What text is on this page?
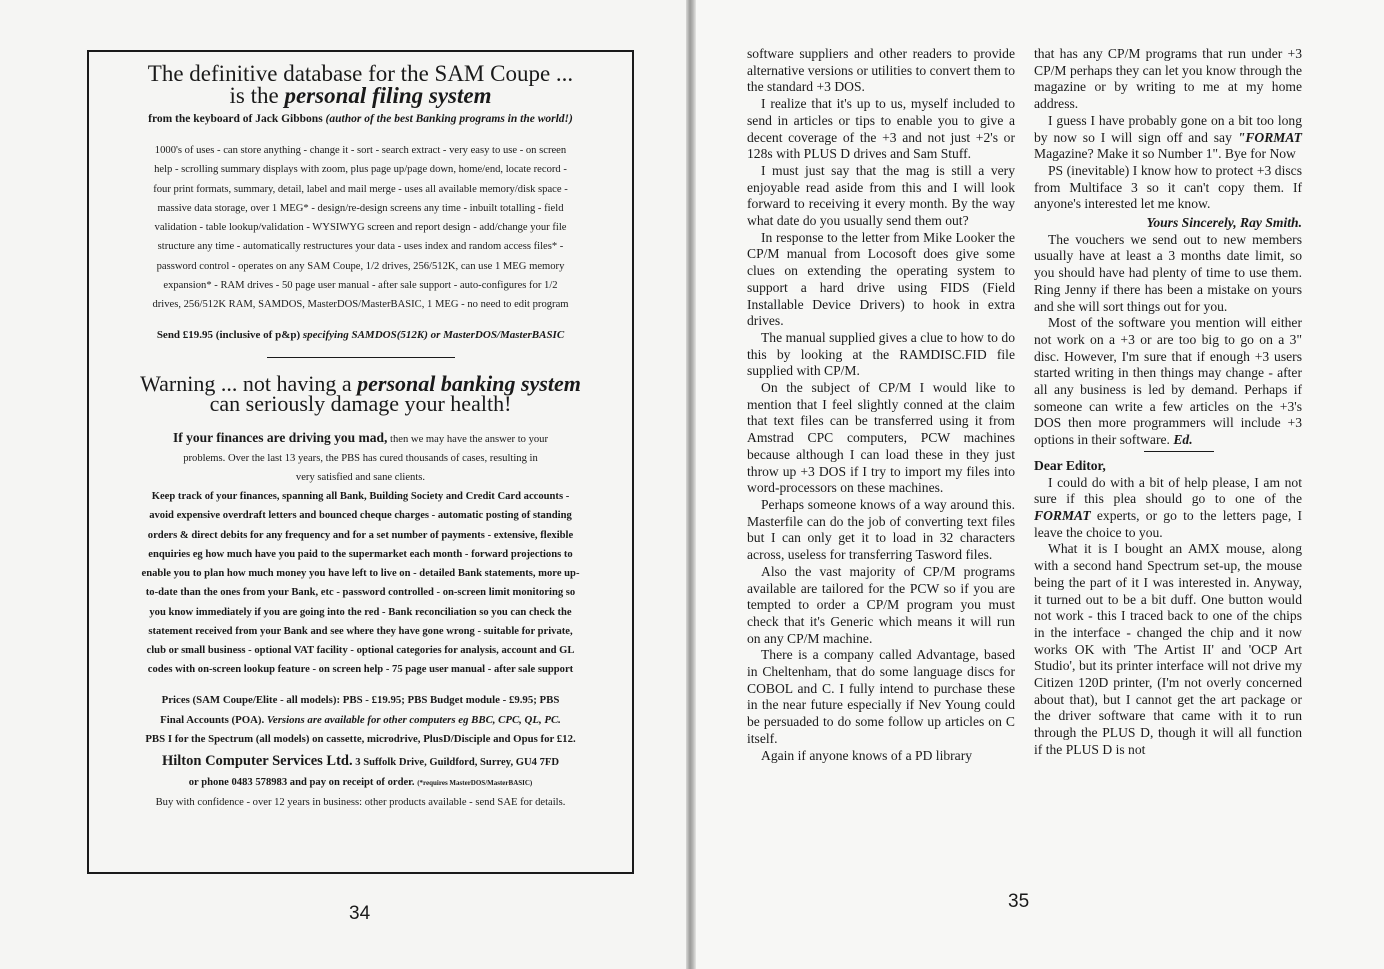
The definitive database for the SAM Coupe ...
is the personal filing system
from the keyboard of Jack Gibbons (author of the best Banking programs in the world!)
1000's of uses - can store anything - change it - sort - search extract - very easy to use - on screen
help - scrolling summary displays with zoom, plus page up/page down, home/end, locate record -
four print formats, summary, detail, label and mail merge - uses all available memory/disk space -
massive data storage, over 1 MEG* - design/re-design screens any time - inbuilt totalling - field
validation - table lookup/validation - WYSIWYG screen and report design - add/change your file
structure any time - automatically restructures your data - uses index and random access files* -
password control - operates on any SAM Coupe, 1/2 drives, 256/512K, can use 1 MEG memory
expansion* - RAM drives - 50 page user manual - after sale support - auto-configures for 1/2
drives, 256/512K RAM, SAMDOS, MasterDOS/MasterBASIC, 1 MEG - no need to edit program
Send £19.95 (inclusive of p&p) specifying SAMDOS(512K) or MasterDOS/MasterBASIC
Warning ... not having a personal banking system
can seriously damage your health!
If your finances are driving you mad, then we may have the answer to your
problems. Over the last 13 years, the PBS has cured thousands of cases, resulting in
very satisfied and sane clients.
Keep track of your finances, spanning all Bank, Building Society and Credit Card accounts -
avoid expensive overdraft letters and bounced cheque charges - automatic posting of standing
orders & direct debits for any frequency and for a set number of payments - extensive, flexible
enquiries eg how much have you paid to the supermarket each month - forward projections to
enable you to plan how much money you have left to live on - detailed Bank statements, more up-
to-date than the ones from your Bank, etc - password controlled - on-screen limit monitoring so
you know immediately if you are going into the red - Bank reconciliation so you can check the
statement received from your Bank and see where they have gone wrong - suitable for private,
club or small business - optional VAT facility - optional categories for analysis, account and GL
codes with on-screen lookup feature - on screen help - 75 page user manual - after sale support
Prices (SAM Coupe/Elite - all models): PBS - £19.95; PBS Budget module - £9.95; PBS
Final Accounts (POA). Versions are available for other computers eg BBC, CPC, QL, PC.
PBS I for the Spectrum (all models) on cassette, microdrive, PlusD/Disciple and Opus for £12.
Hilton Computer Services Ltd. 3 Suffolk Drive, Guildford, Surrey, GU4 7FD
or phone 0483 578983 and pay on receipt of order. (*requires MasterDOS/MasterBASIC)
Buy with confidence - over 12 years in business: other products available - send SAE for details.
34

software suppliers and other readers to provide alternative versions or utilities to convert them to the standard +3 DOS.

I realize that it's up to us, myself included to send in articles or tips to enable you to give a decent coverage of the +3 and not just +2's or 128s with PLUS D drives and Sam Stuff.

I must just say that the mag is still a very enjoyable read aside from this and I will look forward to receiving it every month. By the way what date do you usually send them out?

In response to the letter from Mike Looker the CP/M manual from Locosoft does give some clues on extending the operating system to support a hard drive using FIDS (Field Installable Device Drivers) to hook in extra drives.

The manual supplied gives a clue to how to do this by looking at the RAMDISC.FID file supplied with CP/M.

On the subject of CP/M I would like to mention that I feel slightly conned at the claim that text files can be transferred using it from Amstrad CPC computers, PCW machines because although I can load these in they just throw up +3 DOS if I try to import my files into word-processors on these machines.

Perhaps someone knows of a way around this. Masterfile can do the job of converting text files but I can only get it to load in 32 characters across, useless for transferring Tasword files.

Also the vast majority of CP/M programs available are tailored for the PCW so if you are tempted to order a CP/M program you must check that it's Generic which means it will run on any CP/M machine.

There is a company called Advantage, based in Cheltenham, that do some language discs for COBOL and C. I fully intend to purchase these in the near future especially if Nev Young could be persuaded to do some follow up articles on C itself.

Again if anyone knows of a PD library

that has any CP/M programs that run under +3 CP/M perhaps they can let you know through the magazine or by writing to me at my home address.

I guess I have probably gone on a bit too long by now so I will sign off and say "FORMAT Magazine? Make it so Number 1". Bye for Now

PS (inevitable) I know how to protect +3 discs from Multiface 3 so it can't copy them. If anyone's interested let me know.

Yours Sincerely, Ray Smith.

The vouchers we send out to new members usually have at least a 3 months date limit, so you should have had plenty of time to use them. Ring Jenny if there has been a mistake on yours and she will sort things out for you.

Most of the software you mention will either not work on a +3 or are too big to go on a 3" disc. However, I'm sure that if enough +3 users started writing in then things may change - after all any business is led by demand. Perhaps if someone can write a few articles on the +3's DOS then more programmers will include +3 options in their software. Ed.

Dear Editor,

I could do with a bit of help please, I am not sure if this plea should go to one of the FORMAT experts, or go to the letters page, I leave the choice to you.

What it is I bought an AMX mouse, along with a second hand Spectrum set-up, the mouse being the part of it I was interested in. Anyway, it turned out to be a bit duff. One button would not work - this I traced back to one of the chips in the interface - changed the chip and it now works OK with 'The Artist II' and 'OCP Art Studio', but its printer interface will not drive my Citizen 120D printer, (I'm not overly concerned about that), but I cannot get the art package or the driver software that came with it to run through the PLUS D, though it will all function if the PLUS D is not

35
